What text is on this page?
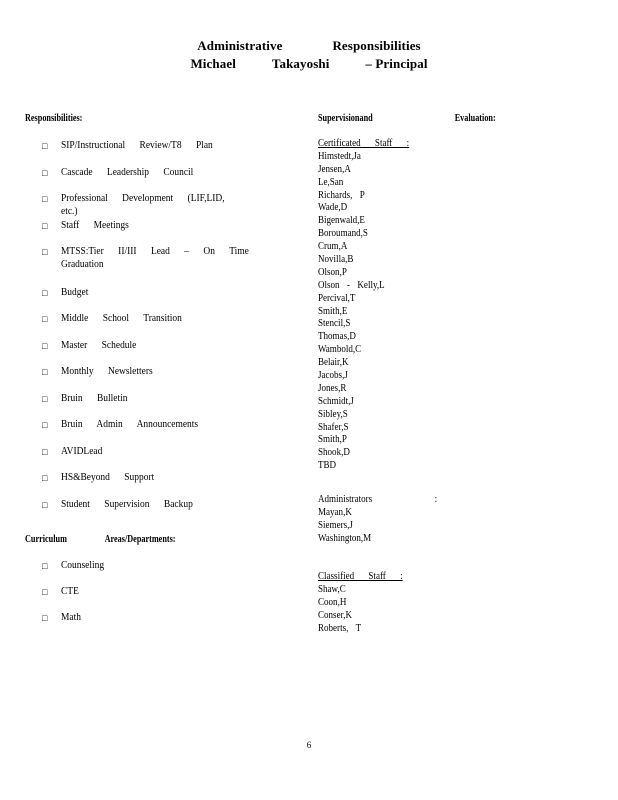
Administrative	Responsibilities
Michael	Takayoshi	– Principal
Responsibilities:
□ SIP/Instructional Review/T8 Plan
□ Cascade Leadership Council
□ Professional Development (LIF,LID, etc.)
□ Staff Meetings
□ MTSS:Tier II/III Lead – On Time Graduation
□ Budget
□ Middle School Transition
□ Master Schedule
□ Monthly Newsletters
□ Bruin Bulletin
□ Bruin Admin Announcements
□ AVIDLead
□ HS&Beyond Support
□ Student Supervision Backup
Curriculum	Areas/Departments:
□ Counseling
□ CTE
□ Math
Supervisionand	Evaluation:
Certificated Staff :
Himstedt,Ja
Jensen,A
Le,San
Richards, P
Wade,D
Bigenwald,E
Boroumand,S
Crum,A
Novilla,B
Olson,P
Olson - Kelly,L
Percival,T
Smith,E
Stencil,S
Thomas,D
Wambold,C
Belair,K
Jacobs,J
Jones,R
Schmidt,J
Sibley,S
Shafer,S
Smith,P
Shook,D
TBD
Administrators :
Mayan,K
Siemers,J
Washington,M
Classified Staff :
Shaw,C
Coon,H
Conser,K
Roberts, T
6
